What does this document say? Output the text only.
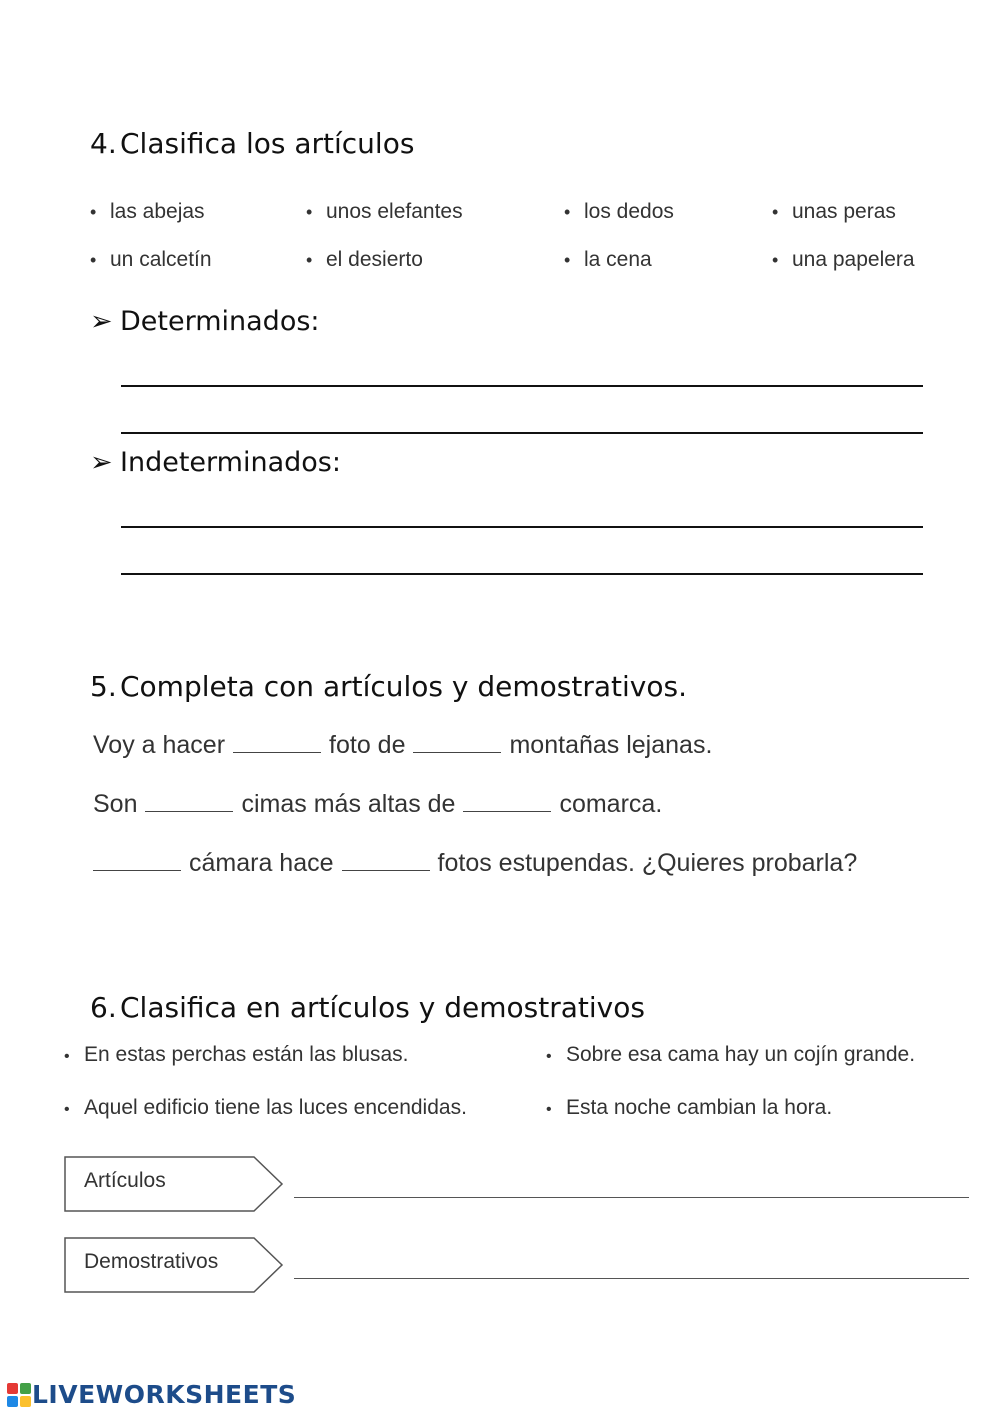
4. Clasifica los artículos
• las abejas	• unos elefantes	• los dedos	• unas peras
• un calcetín	• el desierto	• la cena	• una papelera
➢ Determinados:
➢ Indeterminados:
5. Completa con artículos y demostrativos.
Voy a hacer	foto de	montañas lejanas.
Son	cimas más altas de	comarca.
cámara hace	fotos estupendas. ¿Quieres probarla?
6. Clasifica en artículos y demostrativos
• En estas perchas están las blusas.	• Sobre esa cama hay un cojín grande.
• Aquel edificio tiene las luces encendidas.	• Esta noche cambian la hora.
Artículos
Demostrativos
LIVEWORKSHEETS
